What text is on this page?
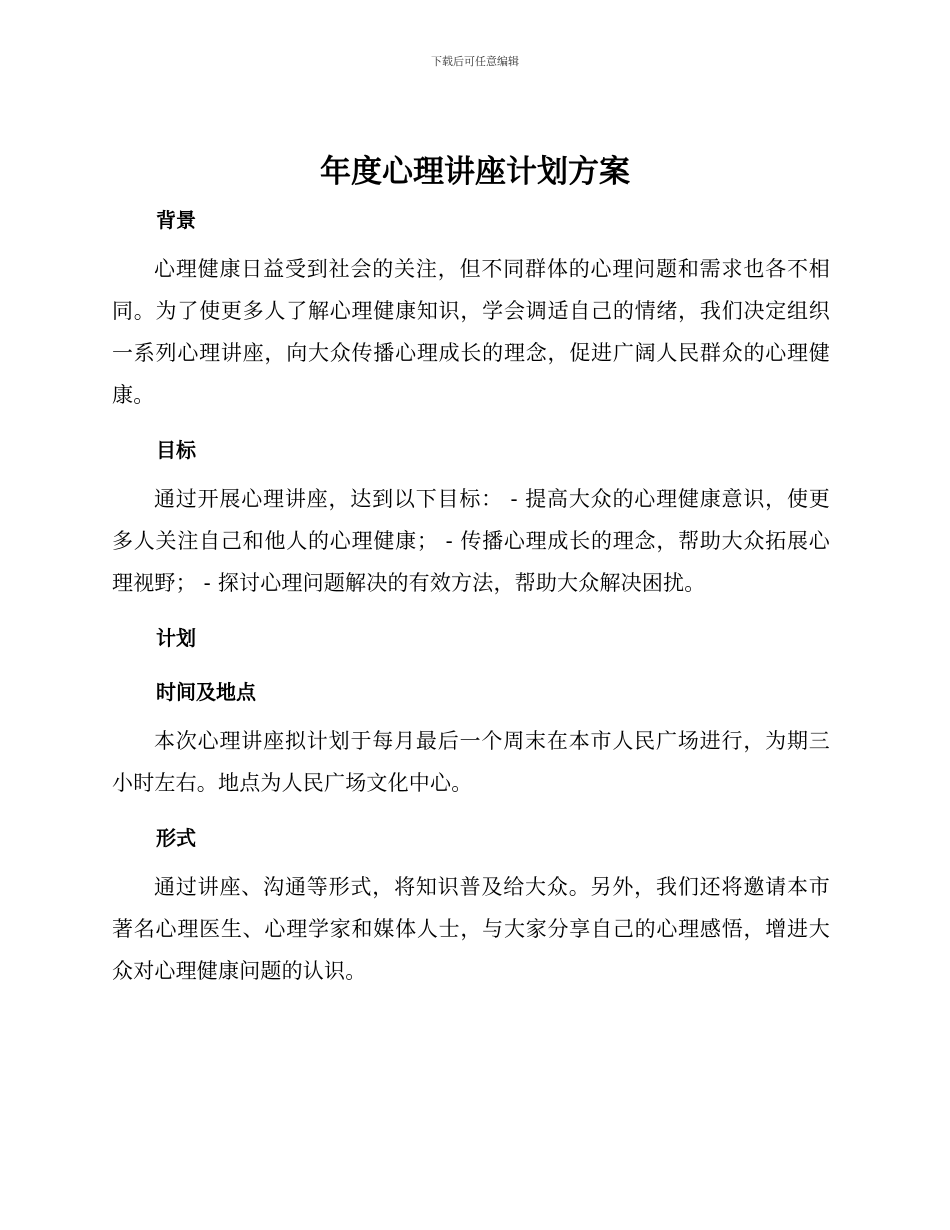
下载后可任意编辑
年度心理讲座计划方案
背景

心理健康日益受到社会的关注，但不同群体的心理问题和需求也各不相同。为了使更多人了解心理健康知识，学会调适自己的情绪，我们决定组织一系列心理讲座，向大众传播心理成长的理念，促进广阔人民群众的心理健康。

目标

通过开展心理讲座，达到以下目标： - 提高大众的心理健康意识，使更多人关注自己和他人的心理健康； - 传播心理成长的理念，帮助大众拓展心理视野； - 探讨心理问题解决的有效方法，帮助大众解决困扰。

计划
时间及地点

本次心理讲座拟计划于每月最后一个周末在本市人民广场进行，为期三小时左右。地点为人民广场文化中心。

形式

通过讲座、沟通等形式，将知识普及给大众。另外，我们还将邀请本市著名心理医生、心理学家和媒体人士，与大家分享自己的心理感悟，增进大众对心理健康问题的认识。
